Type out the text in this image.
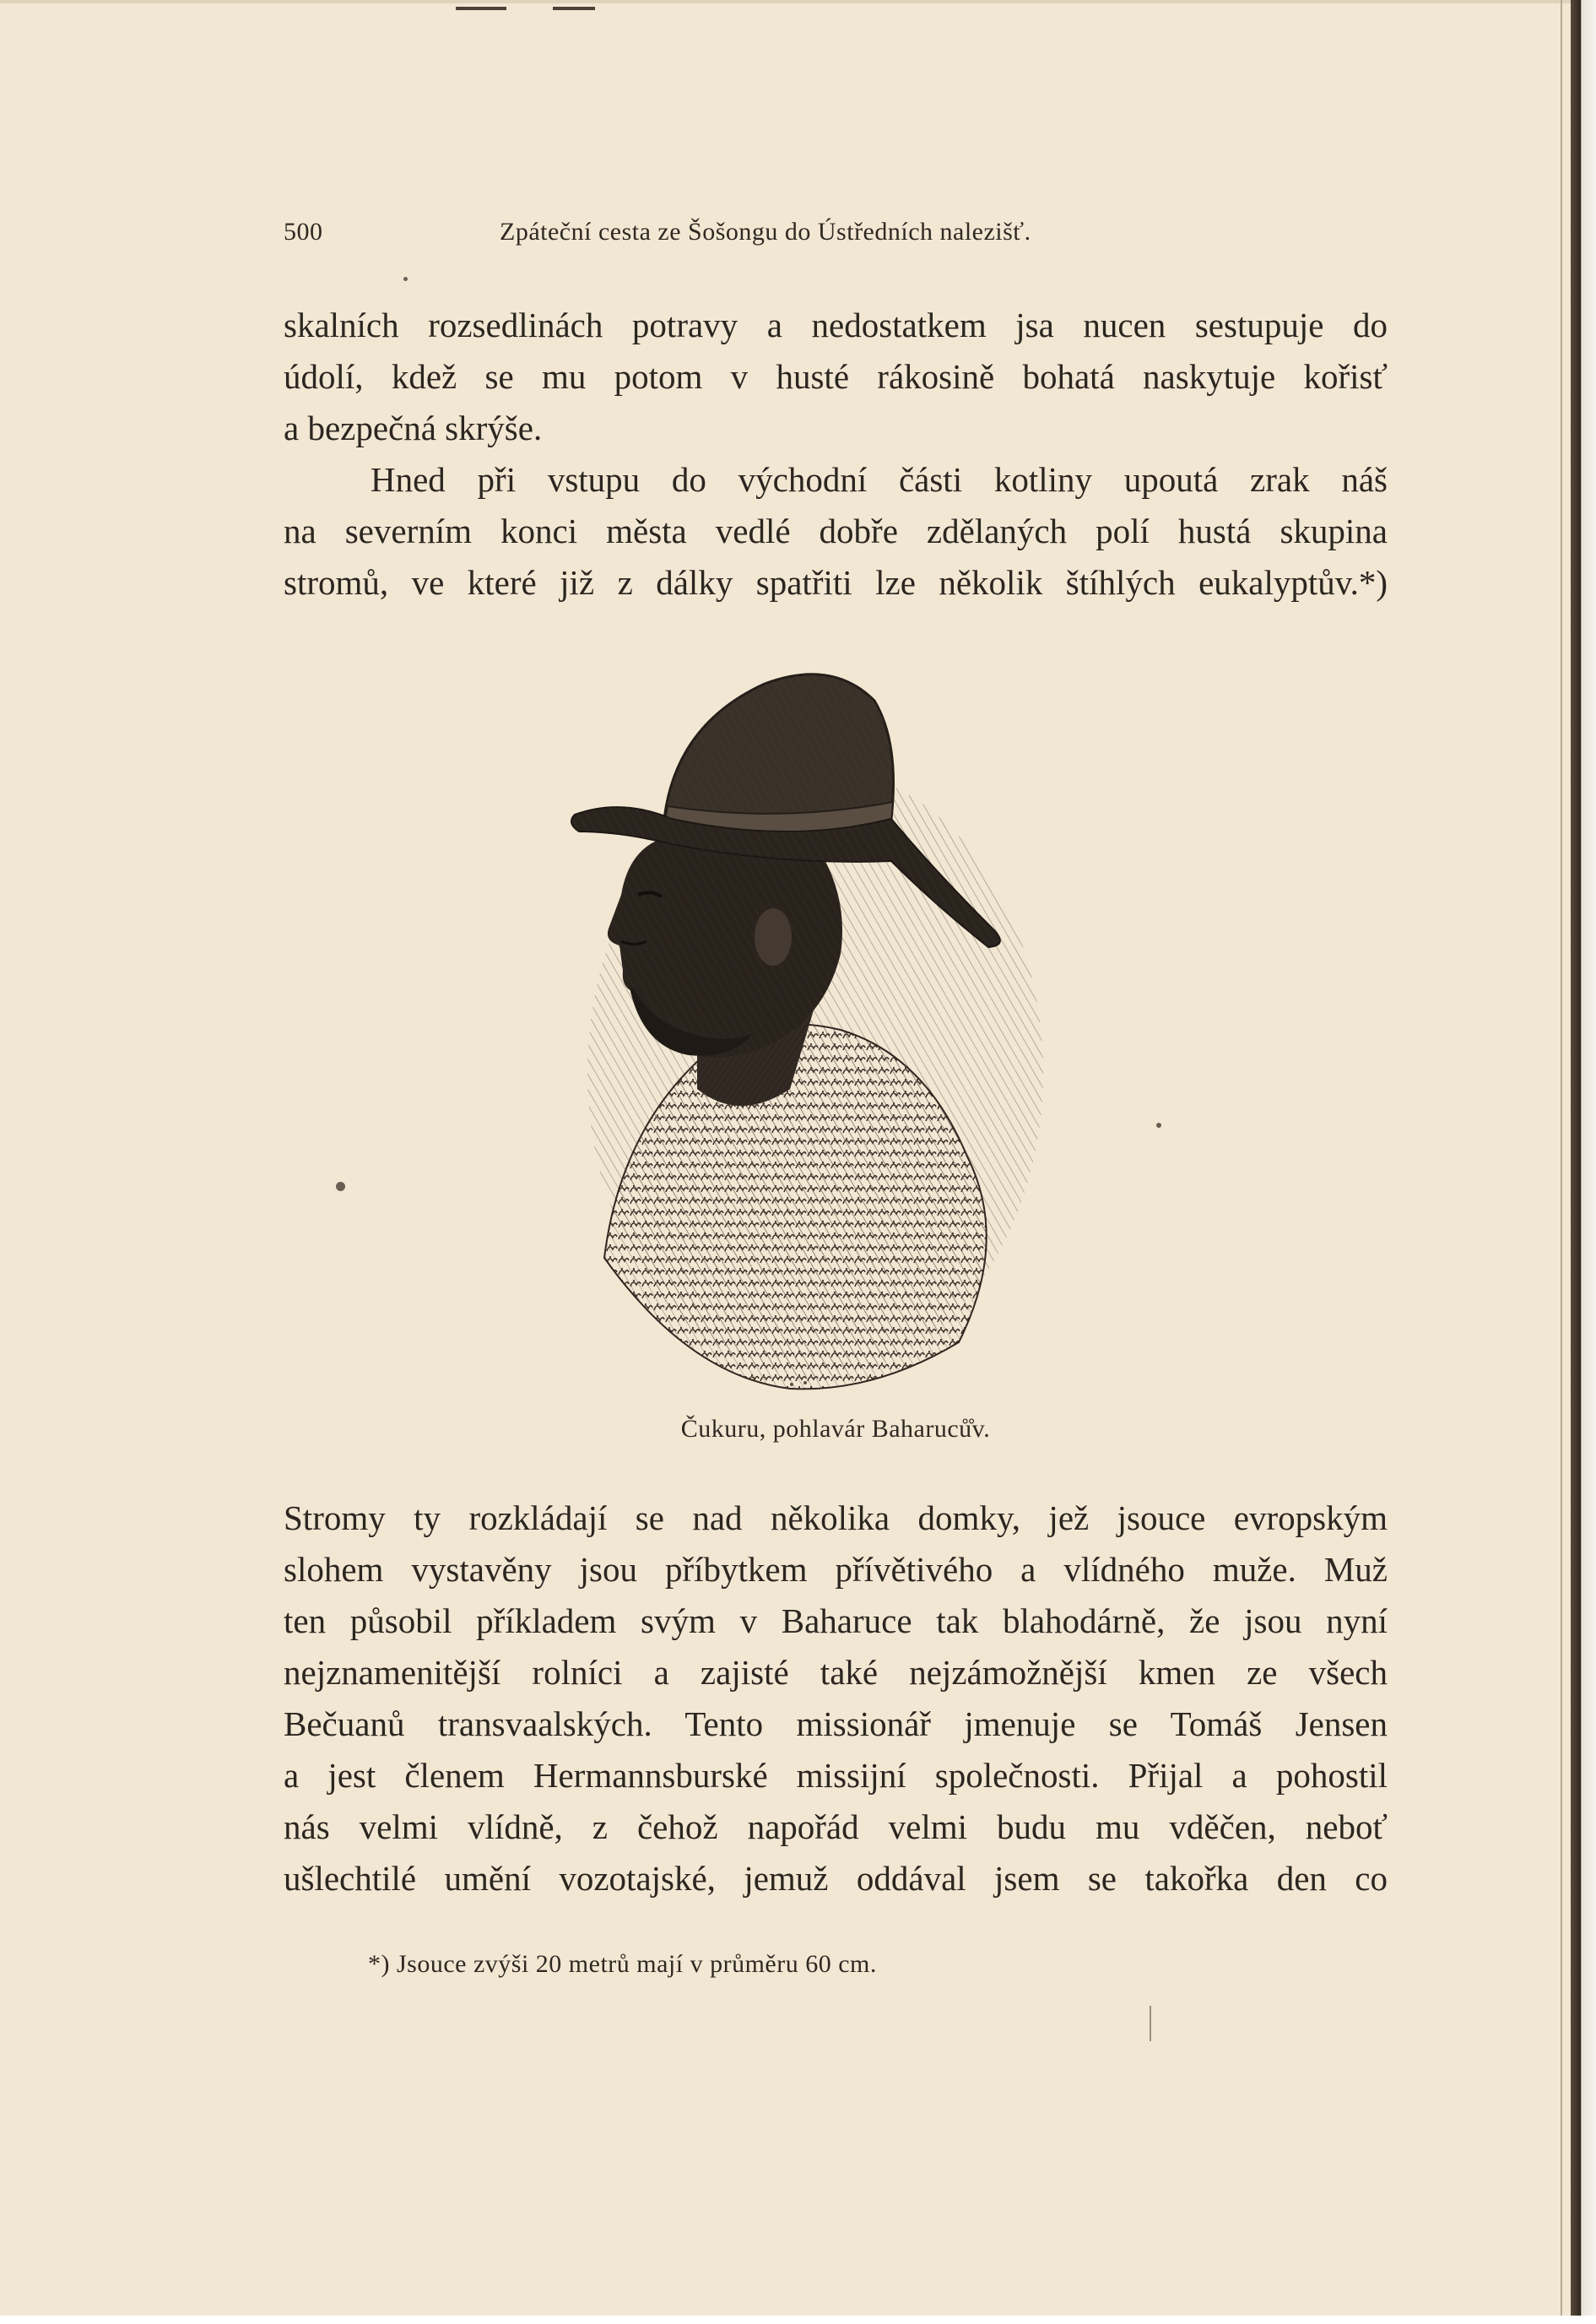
500	Zpáteční cesta ze Šošongu do Ústředních nalezišť.
skalních rozsedlinách potravy a nedostatkem jsa nucen sestupuje do
údolí, kdež se mu potom v husté rákosině bohatá naskytuje kořisť
a bezpečná skrýše.
Hned při vstupu do východní části kotliny upoutá zrak náš
na severním konci města vedlé dobře zdělaných polí hustá skupina
stromů, ve které již z dálky spatřiti lze několik štíhlých eukalyptův.*)
Čukuru, pohlavár Baharuců̊v.
Stromy ty rozkládají se nad několika domky, jež jsouce evropským
slohem vystavěny jsou příbytkem přívětivého a vlídného muže. Muž
ten působil příkladem svým v Baharuce tak blahodárně, že jsou nyní
nejznamenitější rolníci a zajisté také nejzámožnější kmen ze všech
Bečuanů transvaalských. Tento missionář jmenuje se Tomáš Jensen
a jest členem Hermannsburské missijní společnosti. Přijal a pohostil
nás velmi vlídně, z čehož napořád velmi budu mu vděčen, neboť
ušlechtilé umění vozotajské, jemuž oddával jsem se takořka den co
*) Jsouce zvýši 20 metrů mají v průměru 60 cm.
